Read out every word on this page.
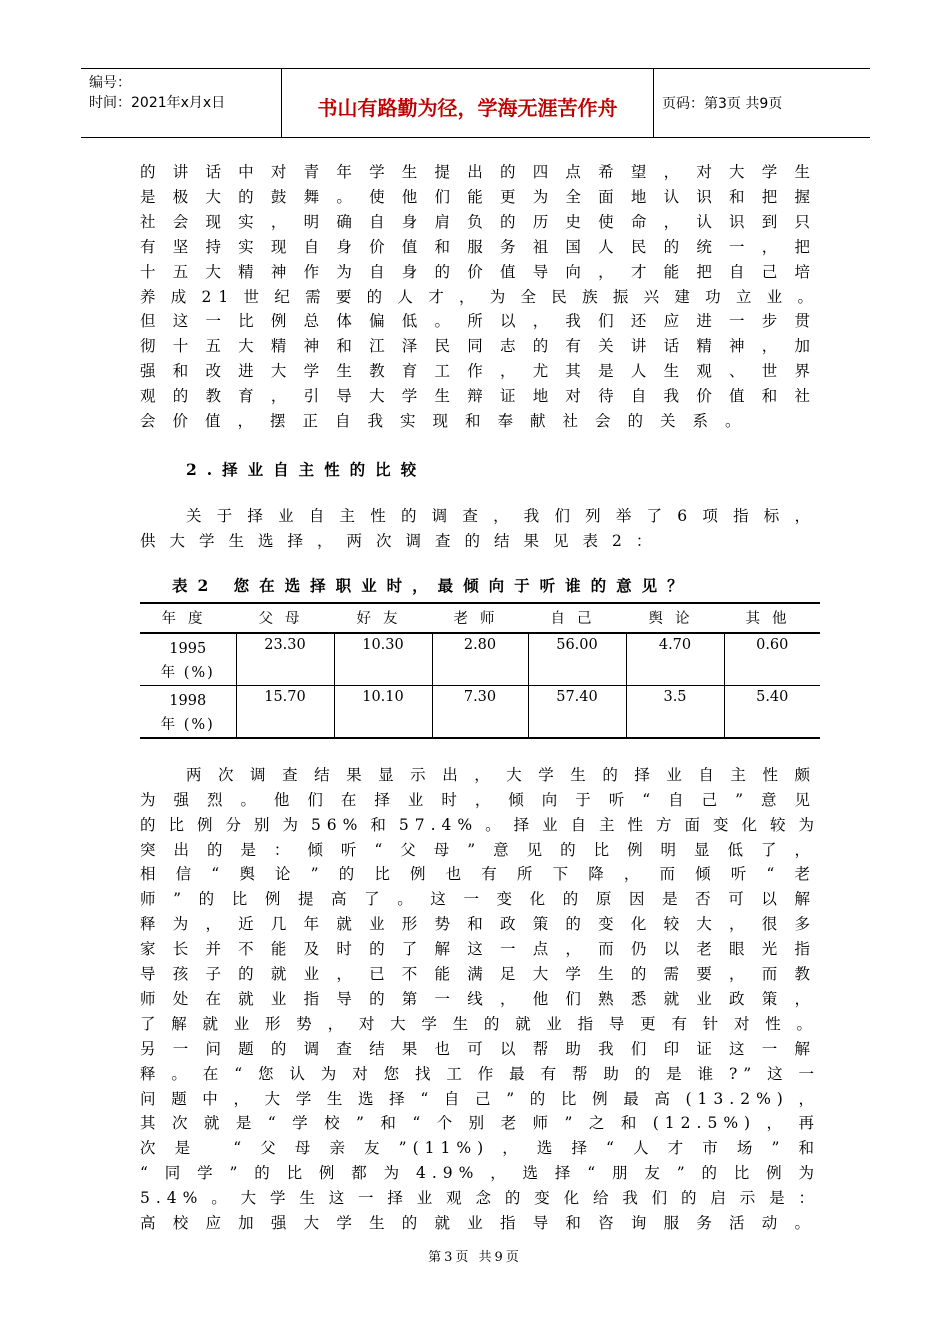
编号：
时间：2021年x月x日	书山有路勤为径，学海无涯苦作舟	页码：第3页 共9页

的讲话中对青年学生提出的四点希望，对大学生

是极大的鼓舞。使他们能更为全面地认识和把握

社会现实，明确自身肩负的历史使命，认识到只

有坚持实现自身价值和服务祖国人民的统一，把

十五大精神作为自身的价值导向，才能把自己培

养成21世纪需要的人才，为全民族振兴建功立业。

但这一比例总体偏低。所以，我们还应进一步贯

彻十五大精神和江泽民同志的有关讲话精神，加

强和改进大学生教育工作，尤其是人生观、世界

观的教育，引导大学生辩证地对待自我价值和社

会价值，摆正自我实现和奉献社会的关系。

2.择业自主性的比较

关于择业自主性的调查，我们列举了6项指标，

供大学生选择，两次调查的结果见表2：

表2 您在选择职业时，最倾向于听谁的意见？
年度	父母	好友	老师	自己	舆论	其他
1995
年 (%)	23.30	10.30	2.80	56.00	4.70	0.60
1998
年 (%)	15.70	10.10	7.30	57.40	3.5	5.40

两次调查结果显示出，大学生的择业自主性颇

为强烈。他们在择业时，倾向于听“自己”意见

的比例分别为56%和57.4%。择业自主性方面变化较为

突出的是：倾听“父母”意见的比例明显低了，

相信“舆论”的比例也有所下降，而倾听“老

师”的比例提高了。这一变化的原因是否可以解

释为，近几年就业形势和政策的变化较大，很多

家长并不能及时的了解这一点，而仍以老眼光指

导孩子的就业，已不能满足大学生的需要，而教

师处在就业指导的第一线，他们熟悉就业政策，

了解就业形势，对大学生的就业指导更有针对性。

另一问题的调查结果也可以帮助我们印证这一解

释。在“您认为对您找工作最有帮助的是谁?”这一

问题中，大学生选择“自己”的比例最高(13.2%)，

其次就是“学校”和“个别老师”之和(12.5%)，再

次是 “父母亲友”(11%)，选择“人才市场”和

“同学”的比例都为4.9%，选择“朋友”的比例为

5.4%。大学生这一择业观念的变化给我们的启示是：

高校应加强大学生的就业指导和咨询服务活动。

第3页 共9页
